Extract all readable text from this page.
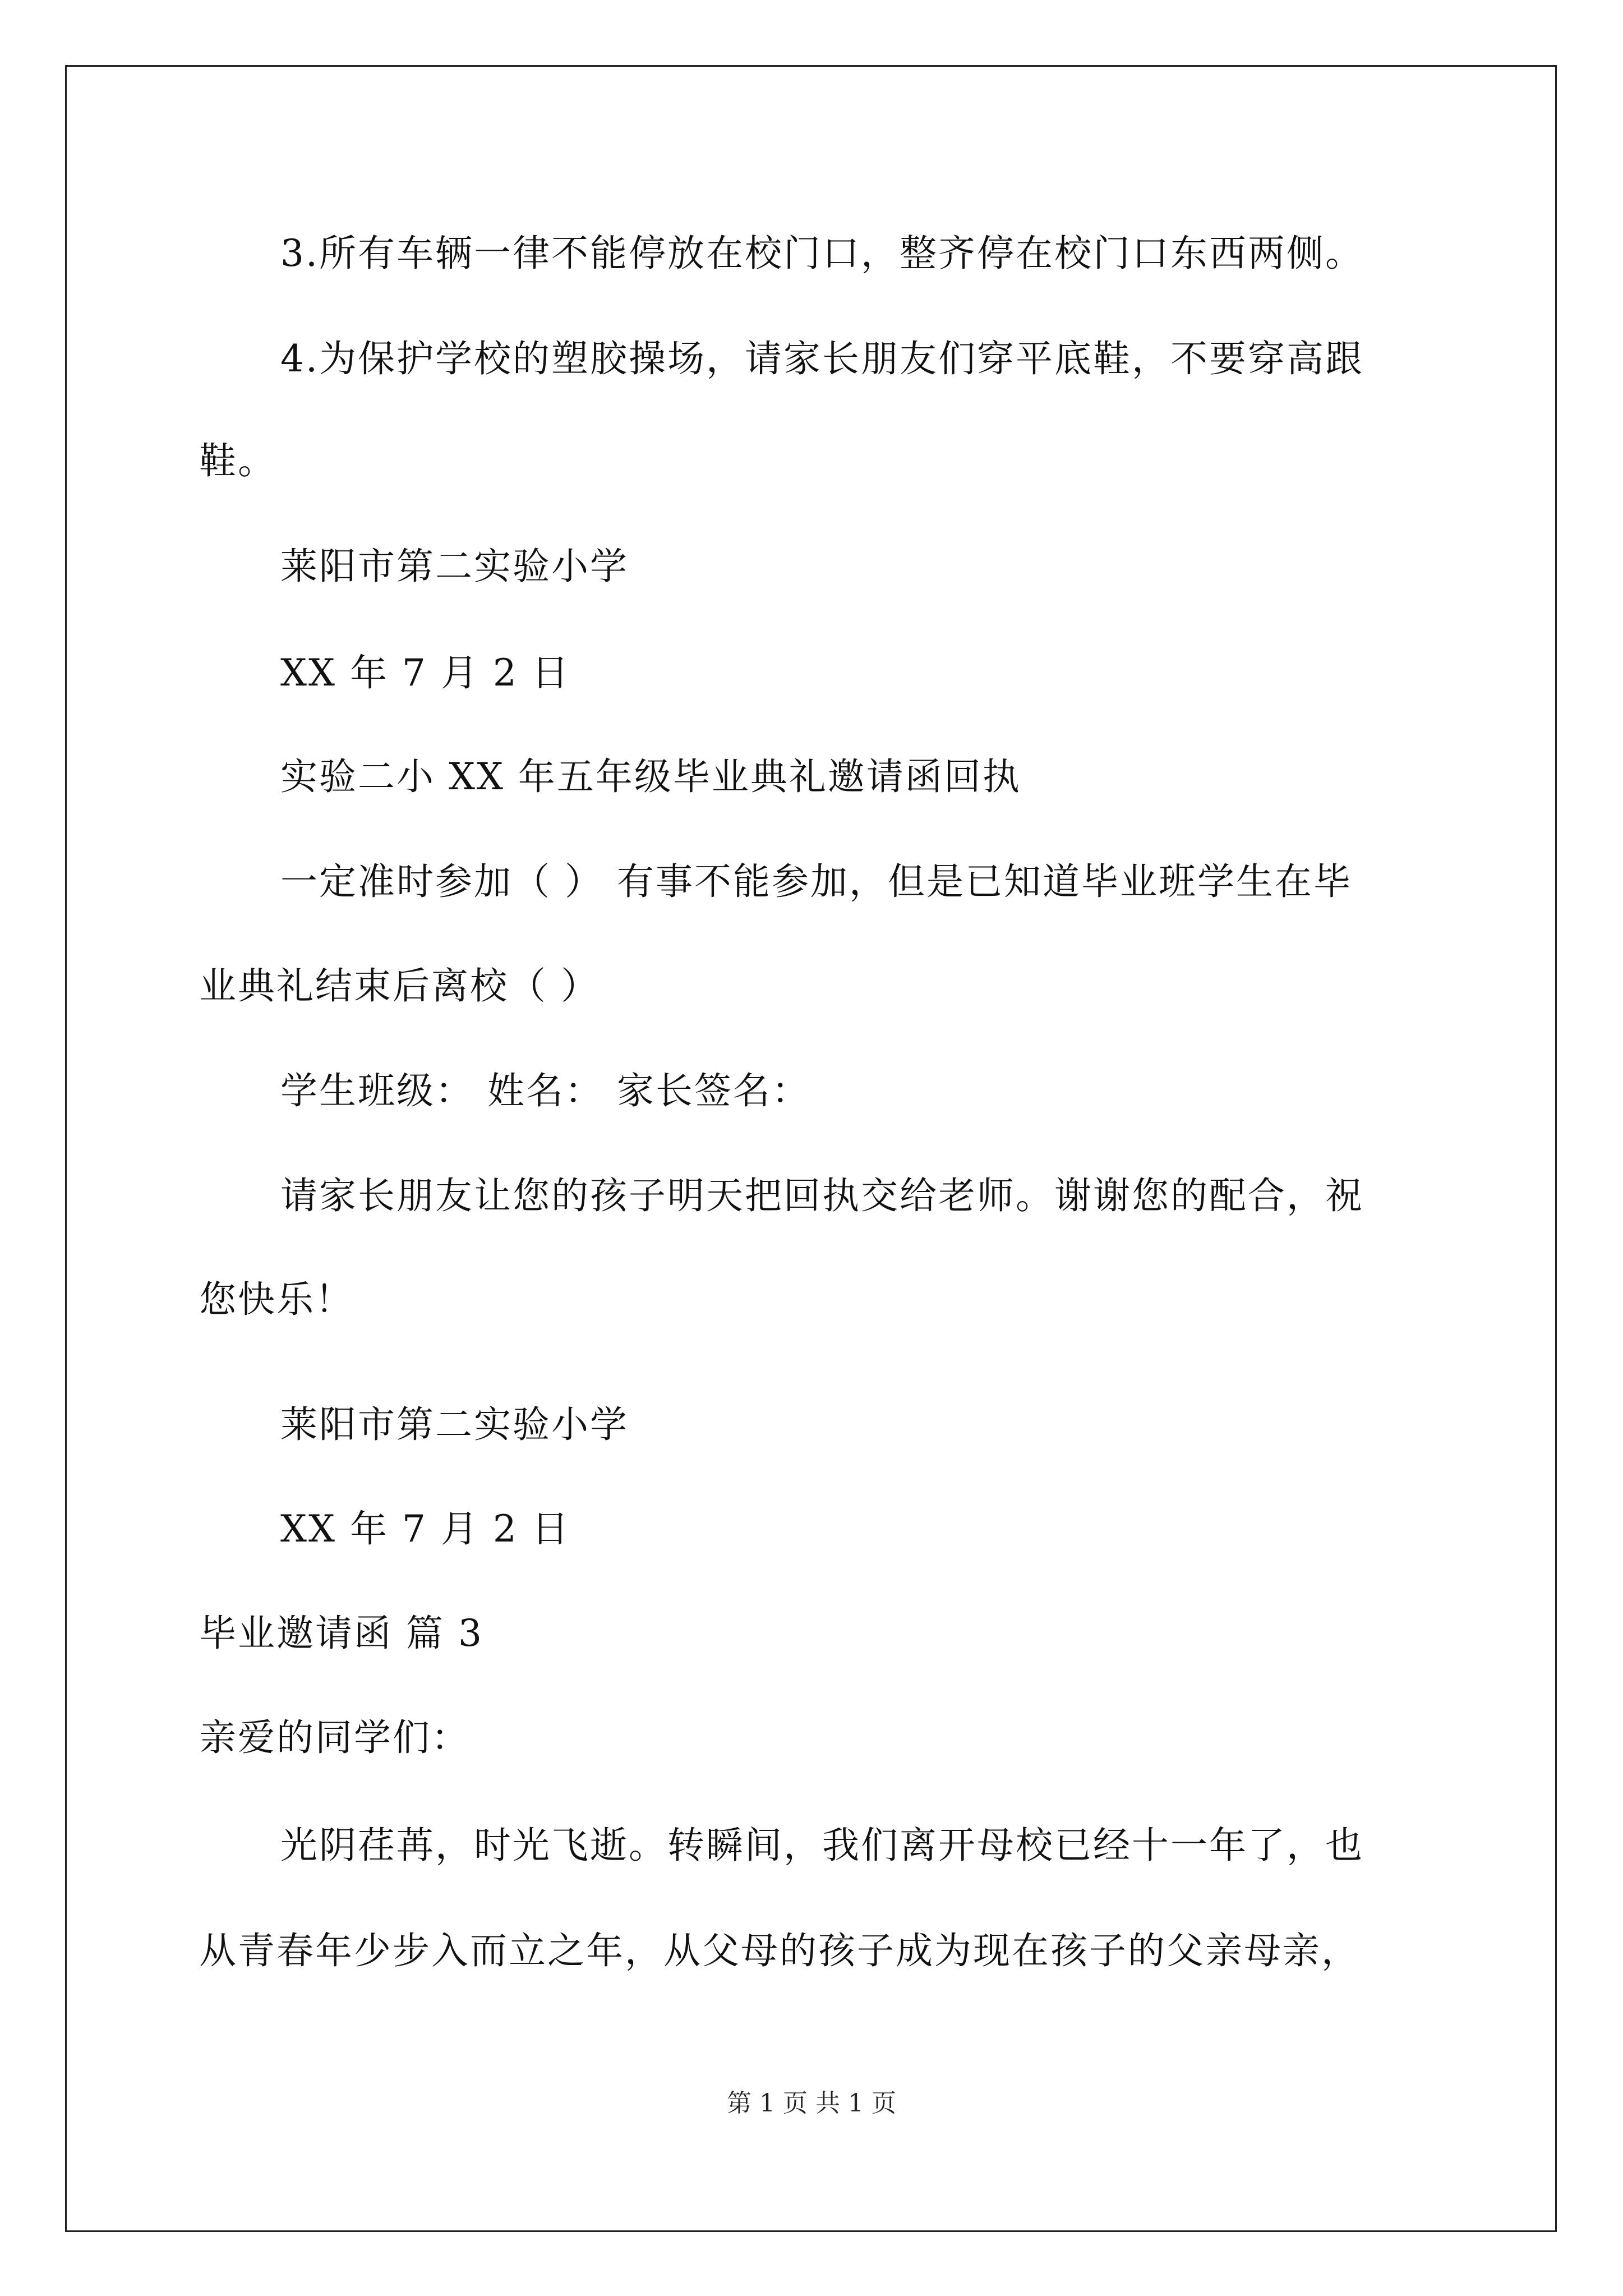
3.所有车辆一律不能停放在校门口，整齐停在校门口东西两侧。
4.为保护学校的塑胶操场，请家长朋友们穿平底鞋，不要穿高跟
鞋。
莱阳市第二实验小学
XX 年 7 月 2 日
实验二小 XX 年五年级毕业典礼邀请函回执
一定准时参加（ ） 有事不能参加，但是已知道毕业班学生在毕
业典礼结束后离校（ ）
学生班级： 姓名： 家长签名：
请家长朋友让您的孩子明天把回执交给老师。谢谢您的配合，祝
您快乐！
莱阳市第二实验小学
XX 年 7 月 2 日
毕业邀请函 篇 3
亲爱的同学们：
光阴荏苒，时光飞逝。转瞬间，我们离开母校已经十一年了，也
从青春年少步入而立之年，从父母的孩子成为现在孩子的父亲母亲，
第 1 页 共 1 页
